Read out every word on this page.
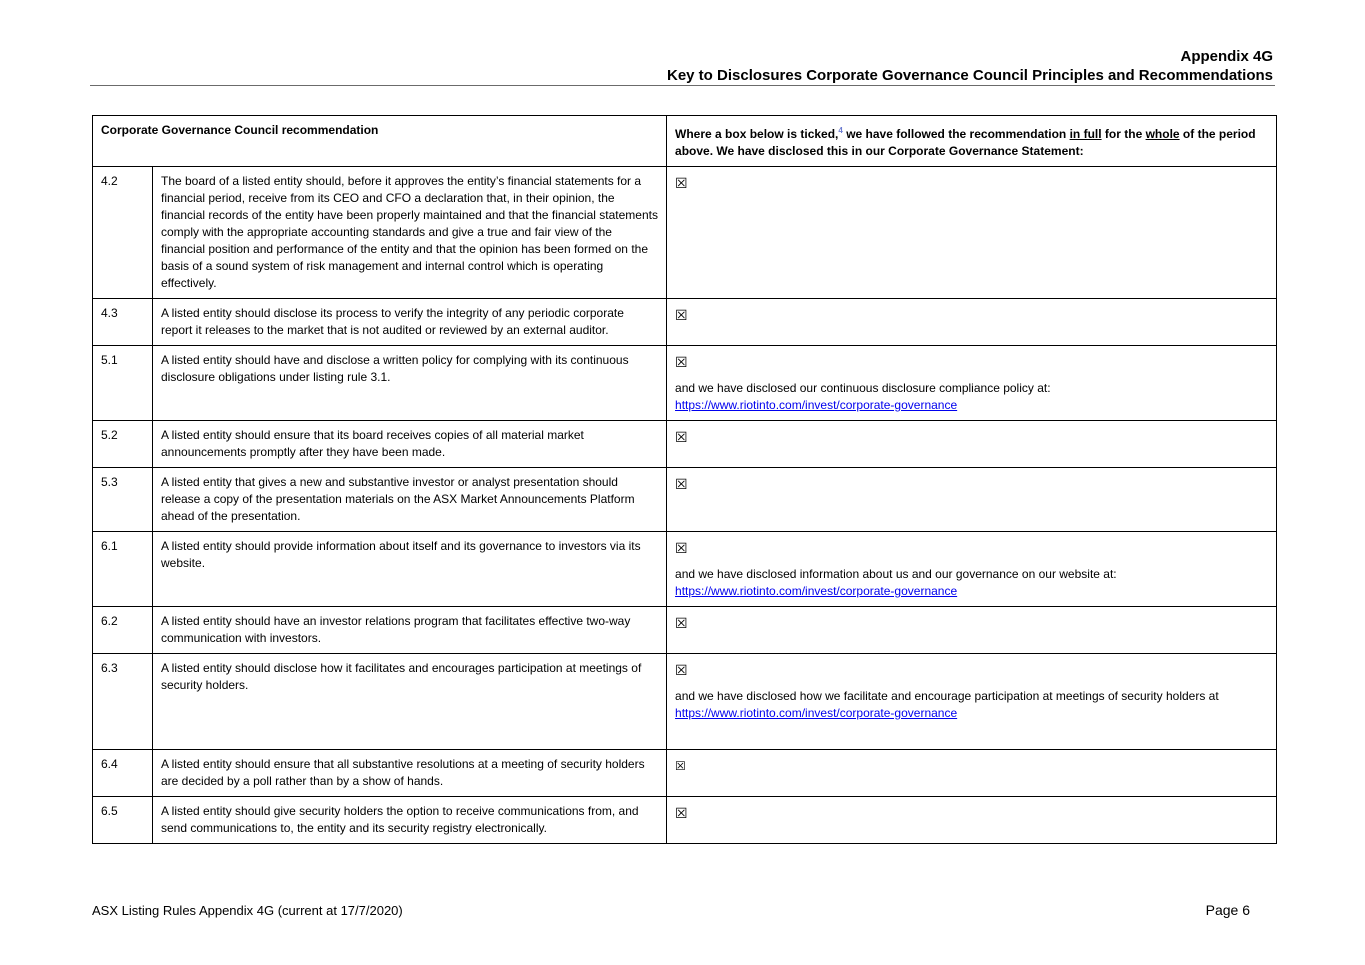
Appendix 4G
Key to Disclosures Corporate Governance Council Principles and Recommendations
Corporate Governance Council recommendation		Where a box below is ticked,$^4$ we have followed the recommendation in full for the whole of the period above. We have disclosed this in our Corporate Governance Statement:
4.2	The board of a listed entity should, before it approves the entity’s financial statements for a financial period, receive from its CEO and CFO a declaration that, in their opinion, the financial records of the entity have been properly maintained and that the financial statements comply with the appropriate accounting standards and give a true and fair view of the financial position and performance of the entity and that the opinion has been formed on the basis of a sound system of risk management and internal control which is operating effectively.	☒
4.3	A listed entity should disclose its process to verify the integrity of any periodic corporate report it releases to the market that is not audited or reviewed by an external auditor.	☒
5.1	A listed entity should have and disclose a written policy for complying with its continuous disclosure obligations under listing rule 3.1.	☒
and we have disclosed our continuous disclosure compliance policy at:
https://www.riotinto.com/invest/corporate-governance
5.2	A listed entity should ensure that its board receives copies of all material market announcements promptly after they have been made.	☒
5.3	A listed entity that gives a new and substantive investor or analyst presentation should release a copy of the presentation materials on the ASX Market Announcements Platform ahead of the presentation.	☒
6.1	A listed entity should provide information about itself and its governance to investors via its website.	☒
and we have disclosed information about us and our governance on our website at:
https://www.riotinto.com/invest/corporate-governance
6.2	A listed entity should have an investor relations program that facilitates effective two-way communication with investors.	☒
6.3	A listed entity should disclose how it facilitates and encourages participation at meetings of security holders.	☒
and we have disclosed how we facilitate and encourage participation at meetings of security holders at
https://www.riotinto.com/invest/corporate-governance
6.4	A listed entity should ensure that all substantive resolutions at a meeting of security holders are decided by a poll rather than by a show of hands.	☒
6.5	A listed entity should give security holders the option to receive communications from, and send communications to, the entity and its security registry electronically.	☒
ASX Listing Rules Appendix 4G (current at 17/7/2020)	Page 6
